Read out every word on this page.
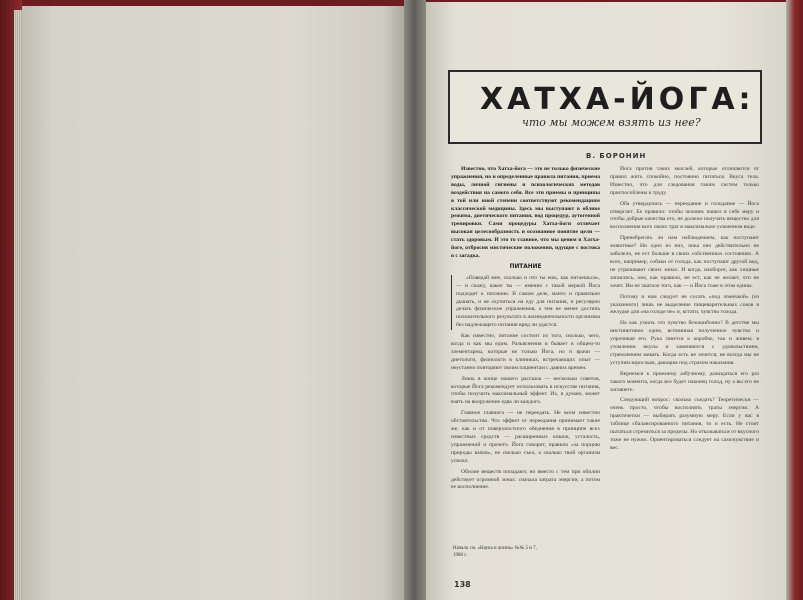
ХАТХА-ЙОГА:
что мы можем взять из нее?
В. БОРОНИН

Известно, что Хатха-йога — это не только физические упражнения, но и определенные правила питания, приема воды, личной гигиены и психологических методов воздействия на самого себя. Все эти приемы и принципы в той или иной степени соответствуют рекомендациям классической медицины. Здесь мы выступают в облике режима, диетического питания, вод процедур, аутогенной тренировки. Сами процедуры Хатха-йоги отличает высокая целесообразность и осознанное понятие цели — стать здоровым. И это то главное, что мы ценим в Хатха-йоге, отбросив мистические положения, идущие с востока в с загадка.

ПИТАНИЕ

«Поведай мне, сколько и что ты ешь, как питаешься», — и скажу, какое ты — именно с такой меркой Йога подходит к питанию. В самом деле, манто и правильно дышать, и не скупиться на еду для питания, и регулярно делать физические упражнения, а тем не менее достичь положительного результата в жизнедеятельности организма без надлежащего питания вряд ли удастся.

Как известно, питание состоит из того, сколько, чего, когда и как мы едим. Разъяснения в бывает в общем-то элементарны, которые не только Йога, но и врачи — диетологи, физиологи в клиниках, встречающих опыт — неустанно повторяют своим пациентам с давних времен.

Лишь в конце нашего рассказа — несколько советов, которые Йога рекомендует использовать в искусстве питания, чтобы получить максимальный эффект. Их, я думаю, может взять на вооружение едва ли каждого.

Главное главного — не переедать. Не всем известно обстоятельство. Что эффект от переедания принимает такие же, как и от поверхностного обеднения в принципе всех известных средств — расширенных кишок, усталость, упражнений и прочего. Йога говорит, правило «за порцию природы взяли», не сколько съел, а сколько твой организм усвоил.

Обилие веществ попадают, но вместо с тем при обилии действует огромной зонах: сначала затрата энергии, а потом ее восполнение.

Йога против таких мыслей, которые отличаются от правил жить спокойно, постоянно питаться. Вкуса тела. Известно, что для следования таким систем только приспособлены к труду.

Оба утвердились — переедание и голодание — Йога отвергает. Ее правило: чтобы человек нашел в себе меру и чтобы добрые качества его, не должно получать вещество для восполнения всех своих трат в максимально усвоенном виде.

Пренебрегать ли нам наблюдением, как поступают животные? Ни одно из них, пока оно действительно не заболело, не ест больше в своих собственных состояниях. А всех, например, собаки от голода, как поступают другой вид, не утрачивают своих зонах. И когда, наоборот, как хищные затаились, она, как правило, не ест, как не желает, что не хочет. Им не хватало того, как — и Йога тоже в этом едины.

Потому и нам следует не сосать «под ложечкой» (из указанного) лишь не выделение пищеварительных соков в желудке для «на голоде не» и, кстати, чувство голода.

Но как узнать это чувство безошибочно? В детстве мы инстинктивно едим, вспоминая полученное чувство и упрочивая его. Рука тянется к коробке, так и живем; в утомлении вкусы и заменяются с удовольствием, стремлением жевать. Когда есть не хочется, не всегда мы не уступим взрослым, дающим под страхом наказания.

Вернемся к прежнему азбучному, дожидаться его раз такого момента, когда все будет наконец голод, ну а вы его не заглянете.

Следующий вопрос: сколько съедать? Теоретически — очень просто, чтобы восполнять траты энергии. А практически — выбирать разумную меру. Если у вас в таблице сбалансированного питания, то и есть. Не стоит пытаться стремиться за пределы. Но отказываться от вкусного тоже не нужно. Ориентироваться следует на самочувствие и вес.

Начало см. «Наука и жизнь» №№ 5 и 7, 1980 г.
138
